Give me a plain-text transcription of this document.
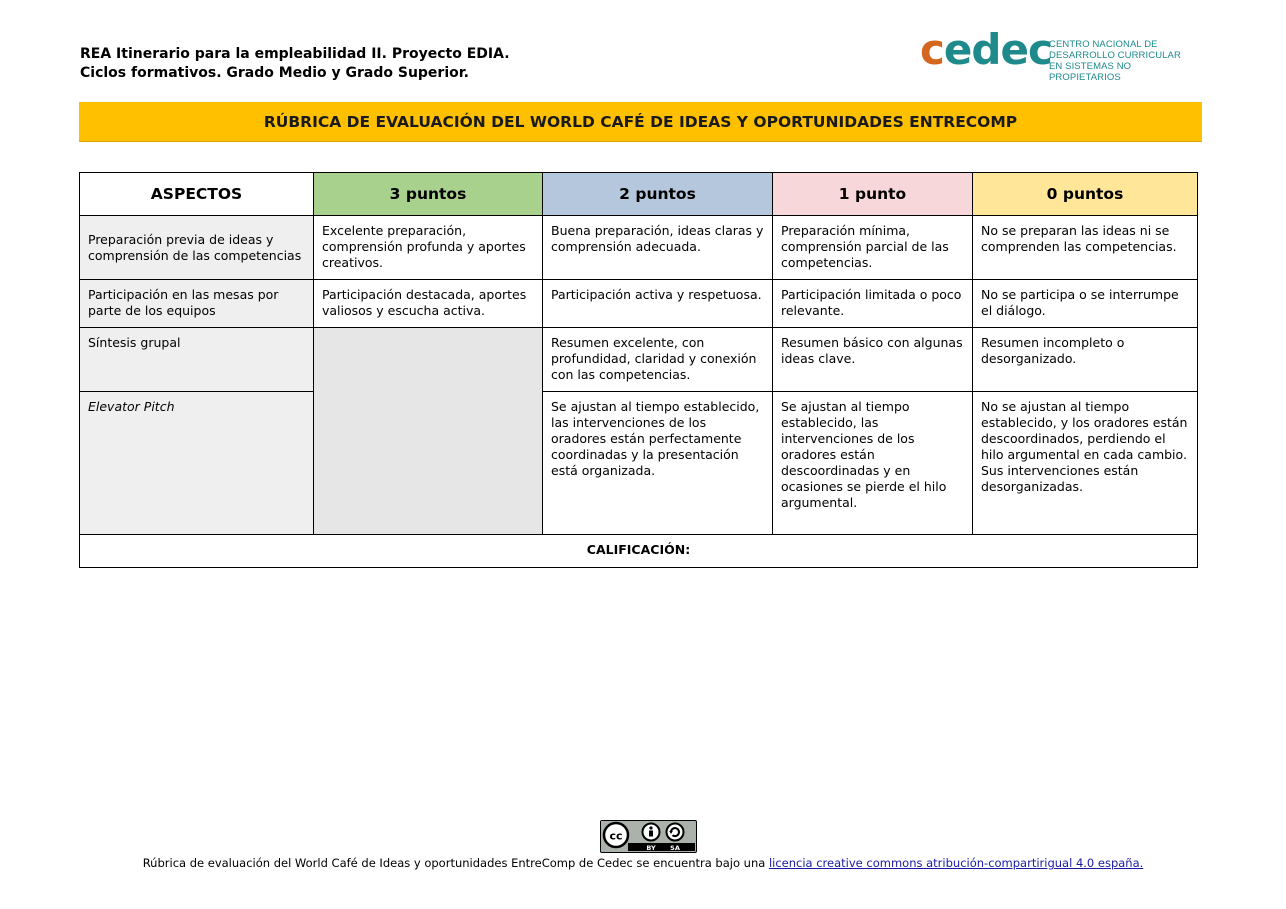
REA Itinerario para la empleabilidad II. Proyecto EDIA.
Ciclos formativos. Grado Medio y Grado Superior.	cedec
CENTRO NACIONAL DE
DESARROLLO CURRICULAR
EN SISTEMAS NO PROPIETARIOS
RÚBRICA DE EVALUACIÓN DEL WORLD CAFÉ DE IDEAS Y OPORTUNIDADES ENTRECOMP
ASPECTOS	3 puntos	2 puntos	1 punto	0 puntos
Preparación previa de ideas y comprensión de las competencias	Excelente preparación, comprensión profunda y aportes creativos.	Buena preparación, ideas claras y comprensión adecuada.	Preparación mínima, comprensión parcial de las competencias.	No se preparan las ideas ni se comprenden las competencias.
Participación en las mesas por parte de los equipos	Participación destacada, aportes valiosos y escucha activa.	Participación activa y respetuosa.	Participación limitada o poco relevante.	No se participa o se interrumpe el diálogo.
Síntesis grupal		Resumen excelente, con profundidad, claridad y conexión con las competencias.	Resumen básico con algunas ideas clave.	Resumen incompleto o desorganizado.
Elevator Pitch		Se ajustan al tiempo establecido, las intervenciones de los oradores están perfectamente coordinadas y la presentación está organizada.	Se ajustan al tiempo establecido, las intervenciones de los oradores están descoordinadas y en ocasiones se pierde el hilo argumental.	No se ajustan al tiempo establecido, y los oradores están descoordinados, perdiendo el hilo argumental en cada cambio. Sus intervenciones están desorganizadas.
CALIFICACIÓN:				
cc
BY SA
Rúbrica de evaluación del World Café de Ideas y oportunidades EntreComp de Cedec se encuentra bajo una licencia creative commons atribución-compartirigual 4.0 españa.
